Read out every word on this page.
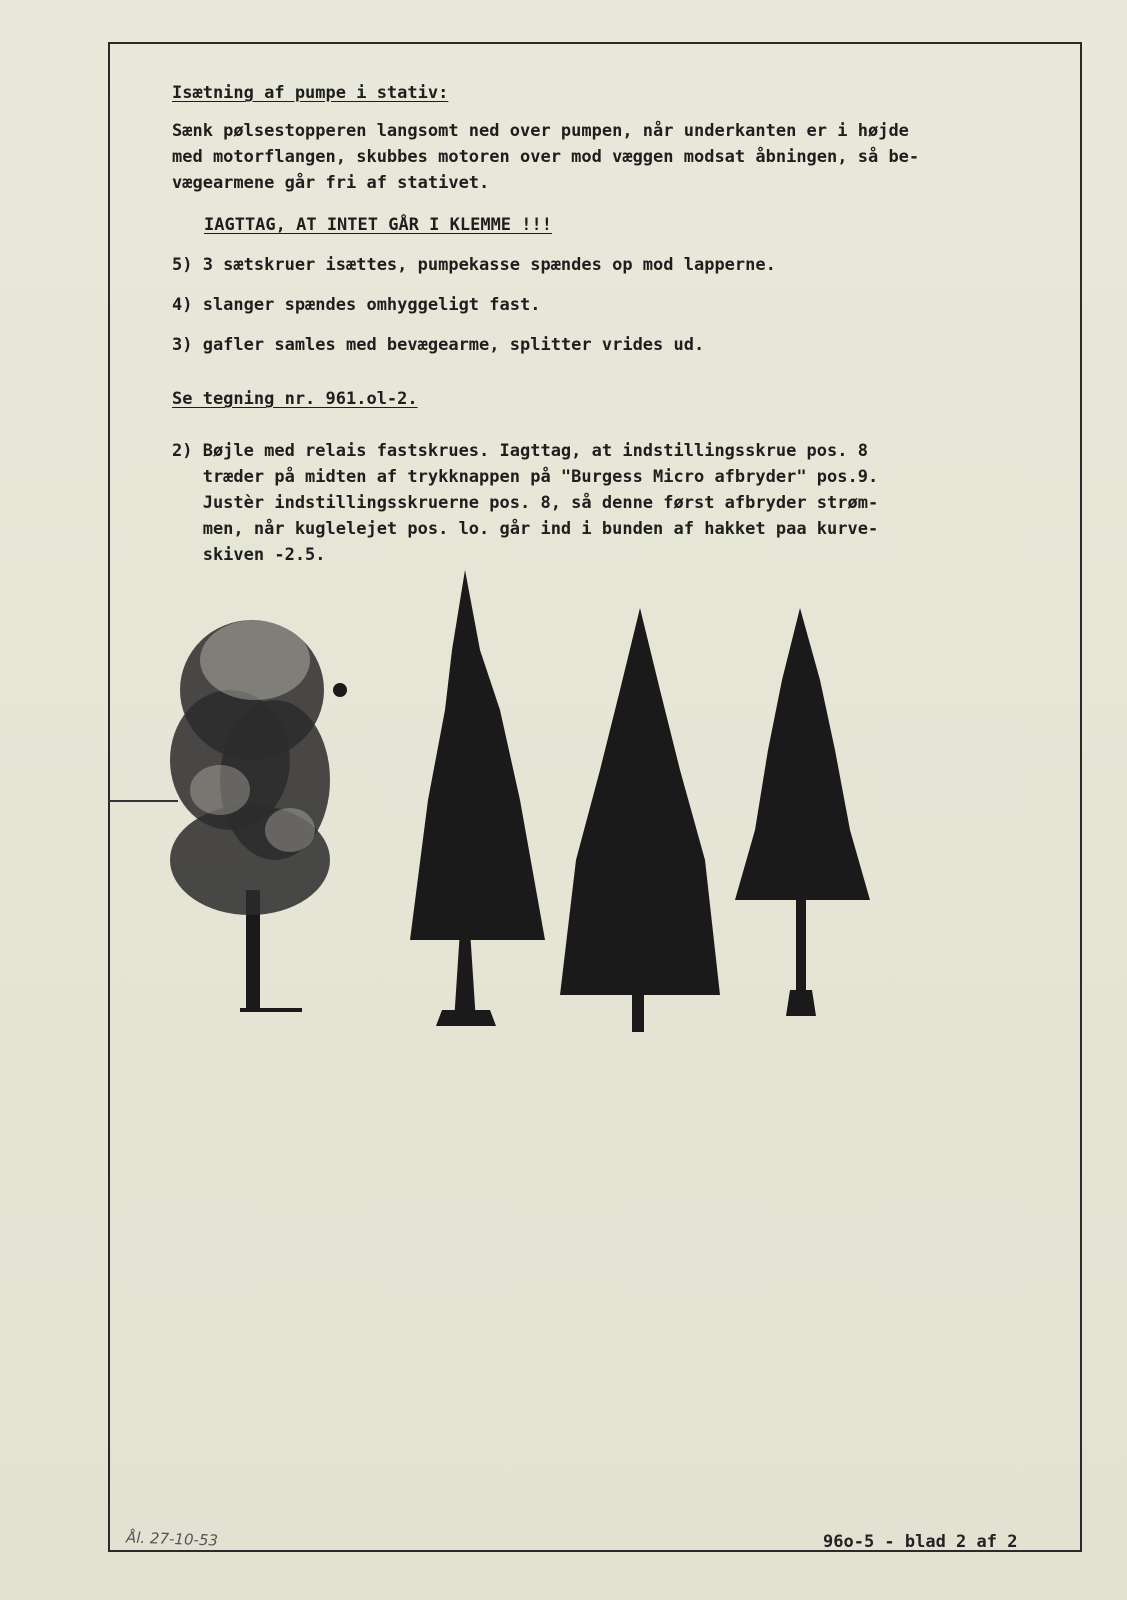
Isætning af pumpe i stativ:
Sænk pølsestopperen langsomt ned over pumpen, når underkanten er i højde
med motorflangen, skubbes motoren over mod væggen modsat åbningen, så be-
vægearmene går fri af stativet.
IAGTTAG, AT INTET GÅR I KLEMME !!!
5) 3 sætskruer isættes, pumpekasse spændes op mod lapperne.
4) slanger spændes omhyggeligt fast.
3) gafler samles med bevægearme, splitter vrides ud.
Se tegning nr. 961.ol-2.
2) Bøjle med relais fastskrues. Iagttag, at indstillingsskrue pos. 8
træder på midten af trykknappen på "Burgess Micro afbryder" pos.9.
Justèr indstillingsskruerne pos. 8, så denne først afbryder strøm-
men, når kuglelejet pos. lo. går ind i bunden af hakket paa kurve-
skiven -2.5.
Ål. 27-10-53	96o-5 - blad 2 af 2
